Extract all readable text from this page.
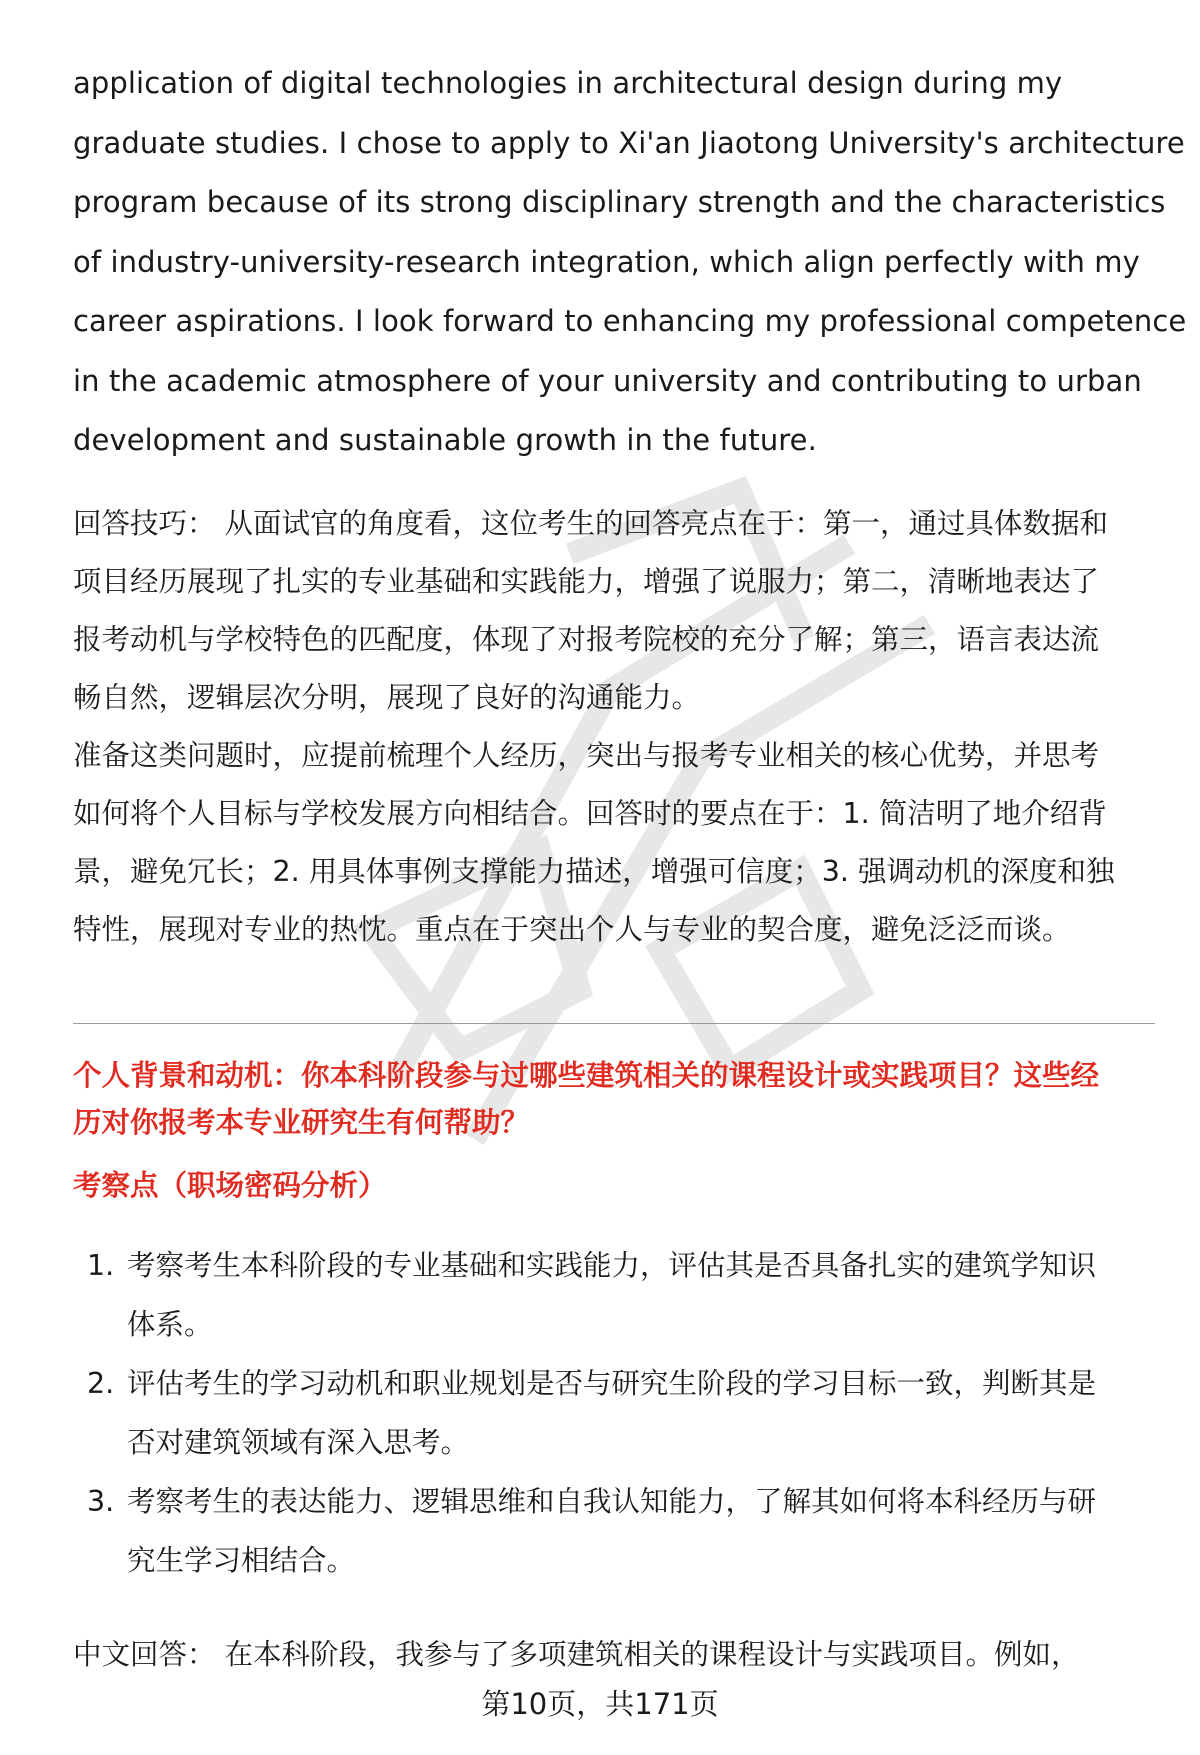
application of digital technologies in architectural design during my
graduate studies. I chose to apply to Xi'an Jiaotong University's architecture
program because of its strong disciplinary strength and the characteristics
of industry-university-research integration, which align perfectly with my
career aspirations. I look forward to enhancing my professional competence
in the academic atmosphere of your university and contributing to urban
development and sustainable growth in the future.
回答技巧： 从面试官的角度看，这位考生的回答亮点在于：第一，通过具体数据和
项目经历展现了扎实的专业基础和实践能力，增强了说服力；第二，清晰地表达了
报考动机与学校特色的匹配度，体现了对报考院校的充分了解；第三，语言表达流
畅自然，逻辑层次分明，展现了良好的沟通能力。
准备这类问题时，应提前梳理个人经历，突出与报考专业相关的核心优势，并思考
如何将个人目标与学校发展方向相结合。回答时的要点在于：1. 简洁明了地介绍背
景，避免冗长；2. 用具体事例支撑能力描述，增强可信度；3. 强调动机的深度和独
特性，展现对专业的热忱。重点在于突出个人与专业的契合度，避免泛泛而谈。
个人背景和动机：你本科阶段参与过哪些建筑相关的课程设计或实践项目？这些经
历对你报考本专业研究生有何帮助？
考察点（职场密码分析）
1. 考察考生本科阶段的专业基础和实践能力，评估其是否具备扎实的建筑学知识
体系。
2. 评估考生的学习动机和职业规划是否与研究生阶段的学习目标一致，判断其是
否对建筑领域有深入思考。
3. 考察考生的表达能力、逻辑思维和自我认知能力，了解其如何将本科经历与研
究生学习相结合。
中文回答： 在本科阶段，我参与了多项建筑相关的课程设计与实践项目。例如，
第10页，共171页
